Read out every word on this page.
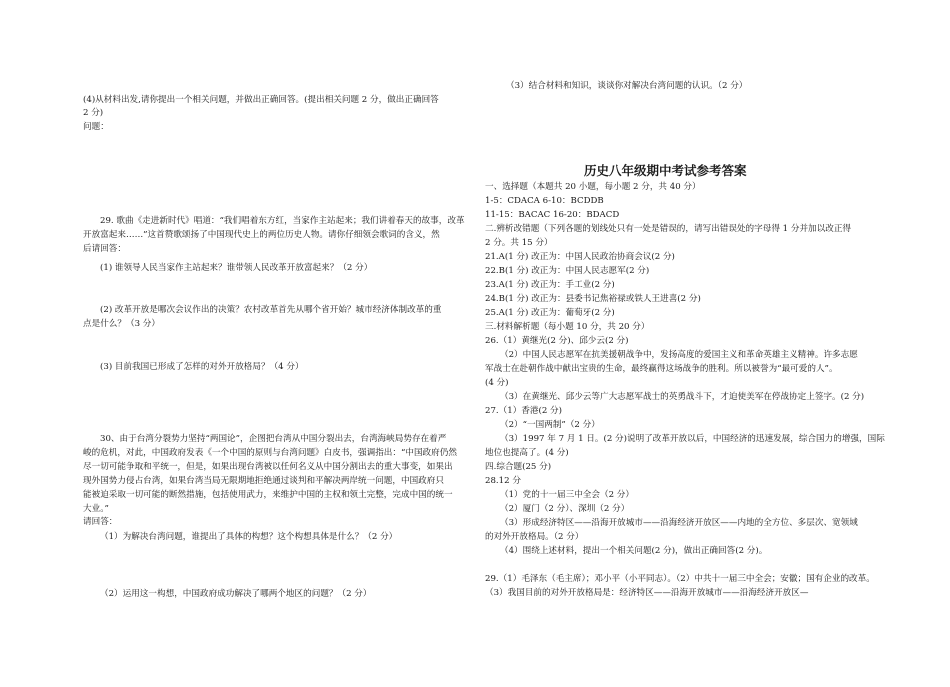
(4)从材料出发,请你提出一个相关问题，并做出正确回答。(提出相关问题 2 分，做出正确回答
2 分)
问题：
29. 歌曲《走进新时代》唱道：“我们唱着东方红，当家作主站起来；我们讲着春天的故事，改革
开放富起来……”这首赞歌颂扬了中国现代史上的两位历史人物。请你仔细领会歌词的含义，然
后请回答：
(1) 谁领导人民当家作主站起来？谁带领人民改革开放富起来？（2 分）
(2) 改革开放是哪次会议作出的决策？农村改革首先从哪个省开始？城市经济体制改革的重
点是什么？（3 分）
(3) 目前我国已形成了怎样的对外开放格局？（4 分）
30、由于台湾分裂势力坚持“两国论”，企图把台湾从中国分裂出去，台湾海峡局势存在着严
峻的危机，对此，中国政府发表《一个中国的原则与台湾问题》白皮书，强调指出：“中国政府仍然
尽一切可能争取和平统一，但是，如果出现台湾被以任何名义从中国分割出去的重大事变，如果出
现外国势力侵占台湾，如果台湾当局无限期地拒绝通过谈判和平解决两岸统一问题，中国政府只
能被迫采取一切可能的断然措施，包括使用武力，来维护中国的主权和领土完整，完成中国的统一
大业。”
请回答：
（1）为解决台湾问题，谁提出了具体的构想？这个构想具体是什么？（2 分）
（2）运用这一构想，中国政府成功解决了哪两个地区的问题？（2 分）
（3）结合材料和知识，谈谈你对解决台湾问题的认识。（2 分）
历史八年级期中考试参考答案
一、选择题（本题共 20 小题，每小题 2 分，共 40 分）
1-5：CDACA 6-10：BCDDB
11-15：BACAC 16-20：BDACD
二.辨析改错题（下列各题的划线处只有一处是错误的，请写出错误处的字母得 1 分并加以改正得
2 分。共 15 分）
21.A(1 分) 改正为：中国人民政治协商会议(2 分)
22.B(1 分) 改正为：中国人民志愿军(2 分)
23.A(1 分) 改正为：手工业(2 分)
24.B(1 分) 改正为：县委书记焦裕禄或铁人王进喜(2 分)
25.A(1 分) 改正为：葡萄牙(2 分)
三.材料解析题（每小题 10 分，共 20 分）
26.（1）黄继光(2 分)、邱少云(2 分)
（2）中国人民志愿军在抗美援朝战争中，发扬高度的爱国主义和革命英雄主义精神。许多志愿
军战士在赴朝作战中献出宝贵的生命，最终赢得这场战争的胜利。所以被誉为“最可爱的人”。
(4 分)
（3）在黄继光、邱少云等广大志愿军战士的英勇战斗下，才迫使美军在停战协定上签字。(2 分)
27.（1）香港(2 分)
（2）“一国两制”（2 分）
（3）1997 年 7 月 1 日。(2 分)说明了改革开放以后，中国经济的迅速发展，综合国力的增强，国际
地位也提高了。(4 分)
四.综合题(25 分)
28.12 分
（1）党的十一届三中全会（2 分）
（2）厦门（2 分）、深圳（2 分）
（3）形成经济特区——沿海开放城市——沿海经济开放区——内地的全方位、多层次、宽领域
的对外开放格局。（2 分）
（4）围绕上述材料，提出一个相关问题(2 分)，做出正确回答(2 分)。
29.（1）毛泽东（毛主席）；邓小平（小平同志）。（2）中共十一届三中全会；安徽；国有企业的改革。
（3）我国目前的对外开放格局是：经济特区——沿海开放城市——沿海经济开放区—
